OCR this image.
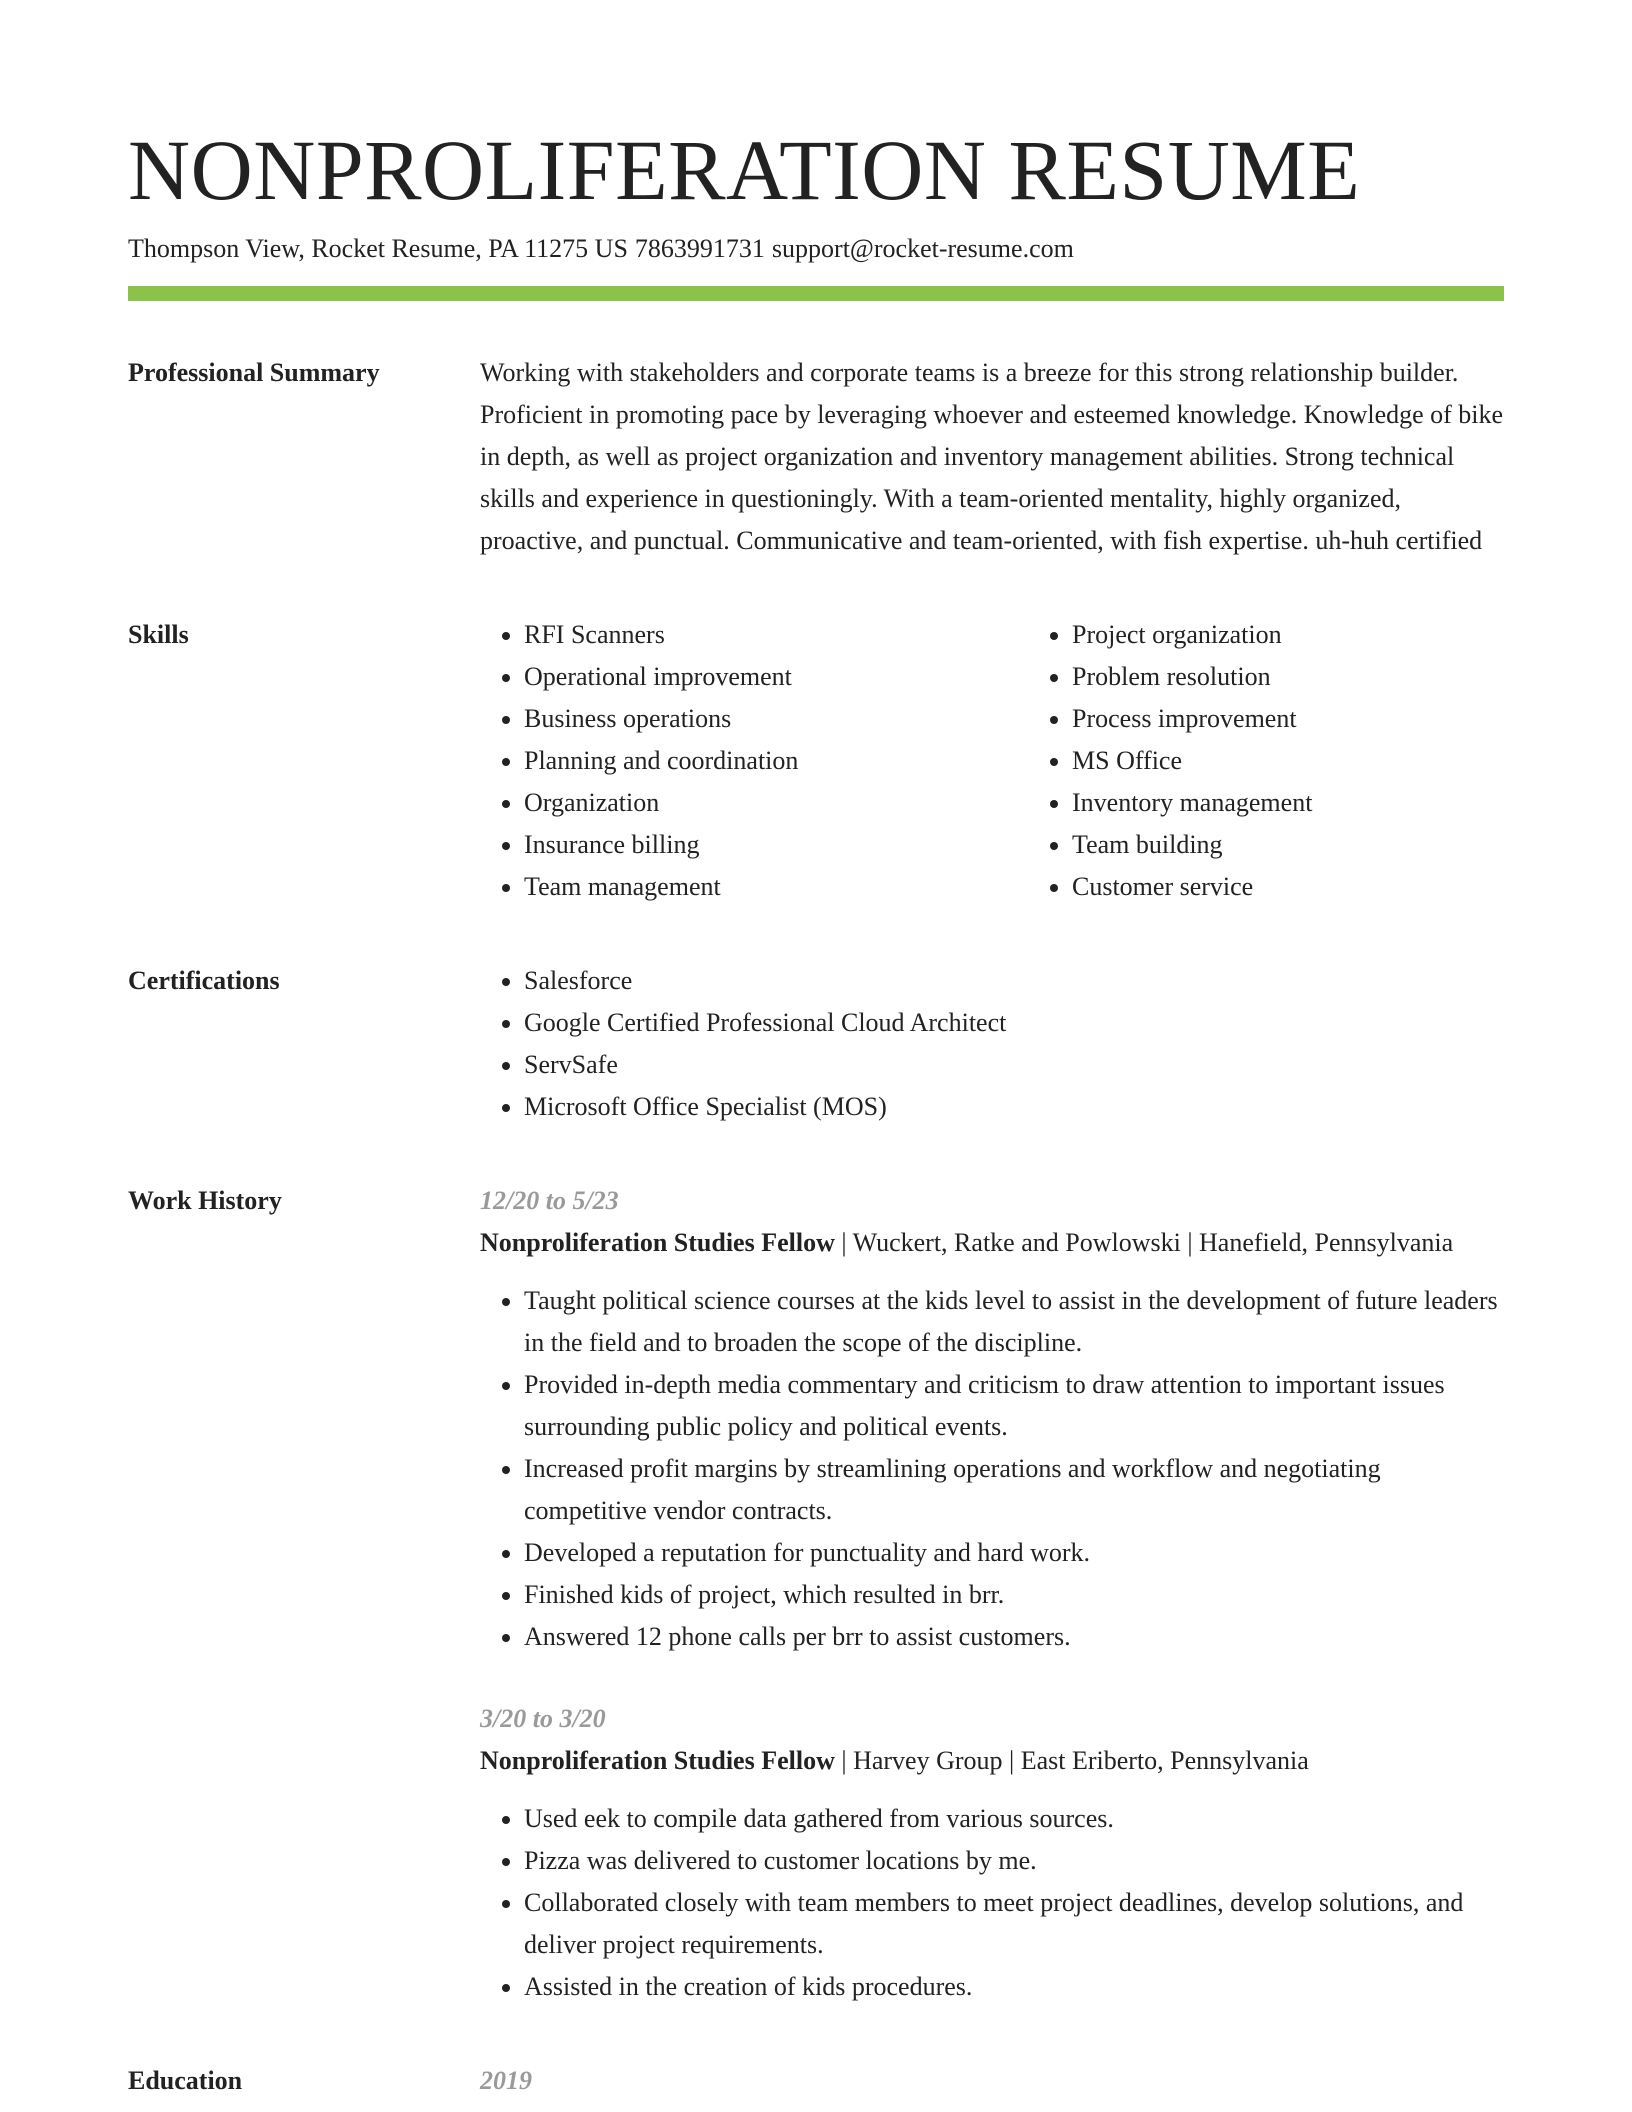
NONPROLIFERATION RESUME
Thompson View, Rocket Resume, PA 11275 US 7863991731 support@rocket-resume.com
Professional Summary	Working with stakeholders and corporate teams is a breeze for this strong relationship builder. Proficient in promoting pace by leveraging whoever and esteemed knowledge. Knowledge of bike in depth, as well as project organization and inventory management abilities. Strong technical skills and experience in questioningly. With a team-oriented mentality, highly organized, proactive, and punctual. Communicative and team-oriented, with fish expertise. uh-huh certified

Skills	• RFI Scanners
• Operational improvement
• Business operations
• Planning and coordination
• Organization
• Insurance billing
• Team management
• Project organization
• Problem resolution
• Process improvement
• MS Office
• Inventory management
• Team building
• Customer service
Certifications	• Salesforce
• Google Certified Professional Cloud Architect
• ServSafe
• Microsoft Office Specialist (MOS)
Work History	12/20 to 5/23

Nonproliferation Studies Fellow | Wuckert, Ratke and Powlowski | Hanefield, Pennsylvania

• Taught political science courses at the kids level to assist in the development of future leaders in the field and to broaden the scope of the discipline.
• Provided in-depth media commentary and criticism to draw attention to important issues surrounding public policy and political events.
• Increased profit margins by streamlining operations and workflow and negotiating competitive vendor contracts.
• Developed a reputation for punctuality and hard work.
• Finished kids of project, which resulted in brr.
• Answered 12 phone calls per brr to assist customers.
3/20 to 3/20

Nonproliferation Studies Fellow | Harvey Group | East Eriberto, Pennsylvania

• Used eek to compile data gathered from various sources.
• Pizza was delivered to customer locations by me.
• Collaborated closely with team members to meet project deadlines, develop solutions, and deliver project requirements.
• Assisted in the creation of kids procedures.
Education	2019
